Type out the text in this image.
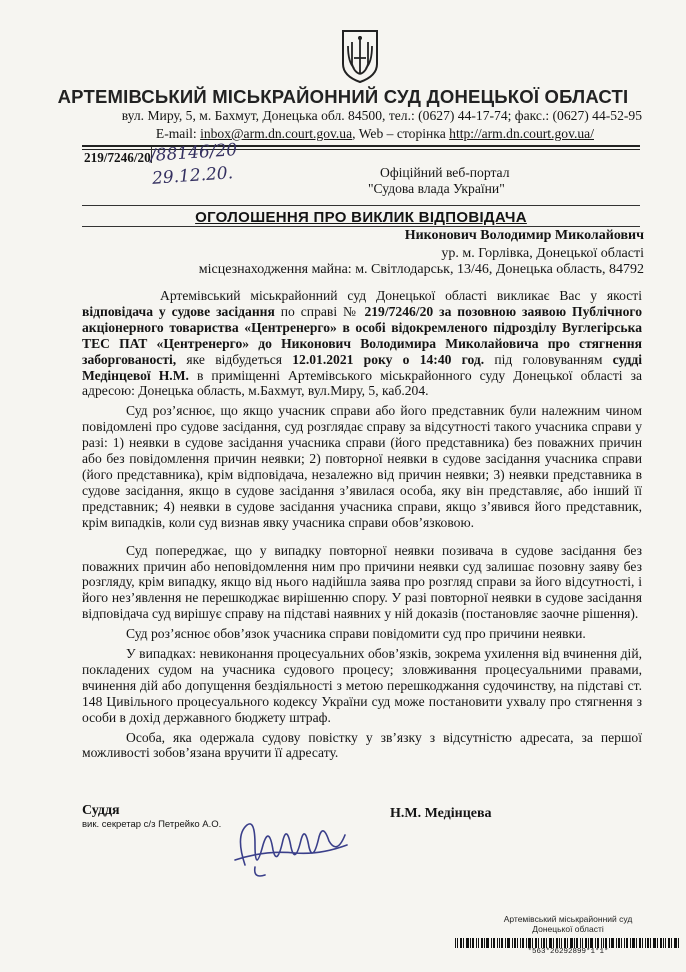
АРТЕМІВСЬКИЙ МІСЬКРАЙОННИЙ СУД ДОНЕЦЬКОЇ ОБЛАСТІ
вул. Миру, 5, м. Бахмут, Донецька обл. 84500, тел.: (0627) 44-17-74; факс.: (0627) 44-52-95
E-mail: inbox@arm.dn.court.gov.ua, Web – сторінка http://arm.dn.court.gov.ua/
219/7246/20
/88146/20
29.12.20.	Офіційний веб-портал
"Судова влада України"
ОГОЛОШЕННЯ ПРО ВИКЛИК ВІДПОВІДАЧА
Никонович Володимир Миколайович
ур. м. Горлівка, Донецької області
місцезнаходження майна: м. Світлодарськ, 13/46, Донецька область, 84792

Артемівський міськрайонний суд Донецької області викликає Вас у якості відповідача у судове засідання по справі № 219/7246/20 за позовною заявою Публічного акціонерного товариства «Центренерго» в особі відокремленого підрозділу Вуглегірська ТЕС ПАТ «Центренерго» до Никонович Володимира Миколайовича про стягнення заборгованості, яке відбудеться 12.01.2021 року о 14:40 год. під головуванням судді Медінцевої Н.М. в приміщенні Артемівського міськрайонного суду Донецької області за адресою: Донецька область, м.Бахмут, вул.Миру, 5, каб.204.

Суд роз’яснює, що якщо учасник справи або його представник були належним чином повідомлені про судове засідання, суд розглядає справу за відсутності такого учасника справи у разі: 1) неявки в судове засідання учасника справи (його представника) без поважних причин або без повідомлення причин неявки; 2) повторної неявки в судове засідання учасника справи (його представника), крім відповідача, незалежно від причин неявки; 3) неявки представника в судове засідання, якщо в судове засідання з’явилася особа, яку він представляє, або інший її представник; 4) неявки в судове засідання учасника справи, якщо з’явився його представник, крім випадків, коли суд визнав явку учасника справи обов’язковою.

Суд попереджає, що у випадку повторної неявки позивача в судове засідання без поважних причин або неповідомлення ним про причини неявки суд залишає позовну заяву без розгляду, крім випадку, якщо від нього надійшла заява про розгляд справи за його відсутності, і його нез’явлення не перешкоджає вирішенню спору. У разі повторної неявки в судове засідання відповідача суд вирішує справу на підставі наявних у ній доказів (постановляє заочне рішення).

Суд роз’яснює обов’язок учасника справи повідомити суд про причини неявки.

У випадках: невиконання процесуальних обов’язків, зокрема ухилення від вчинення дій, покладених судом на учасника судового процесу; зловживання процесуальними правами, вчинення дій або допущення бездіяльності з метою перешкоджання судочинству, на підставі ст. 148 Цивільного процесуального кодексу України суд може постановити ухвалу про стягнення з особи в дохід державного бюджету штраф.

Особа, яка одержала судову повістку у зв’язку з відсутністю адресата, за першої можливості зобов’язана вручити її адресату.

Суддя
вик. секретар с/з Петрейко А.О.
Н.М. Медінцева
Артемівський міськрайонний суд
Донецької області
*563*26292899*1*1*
